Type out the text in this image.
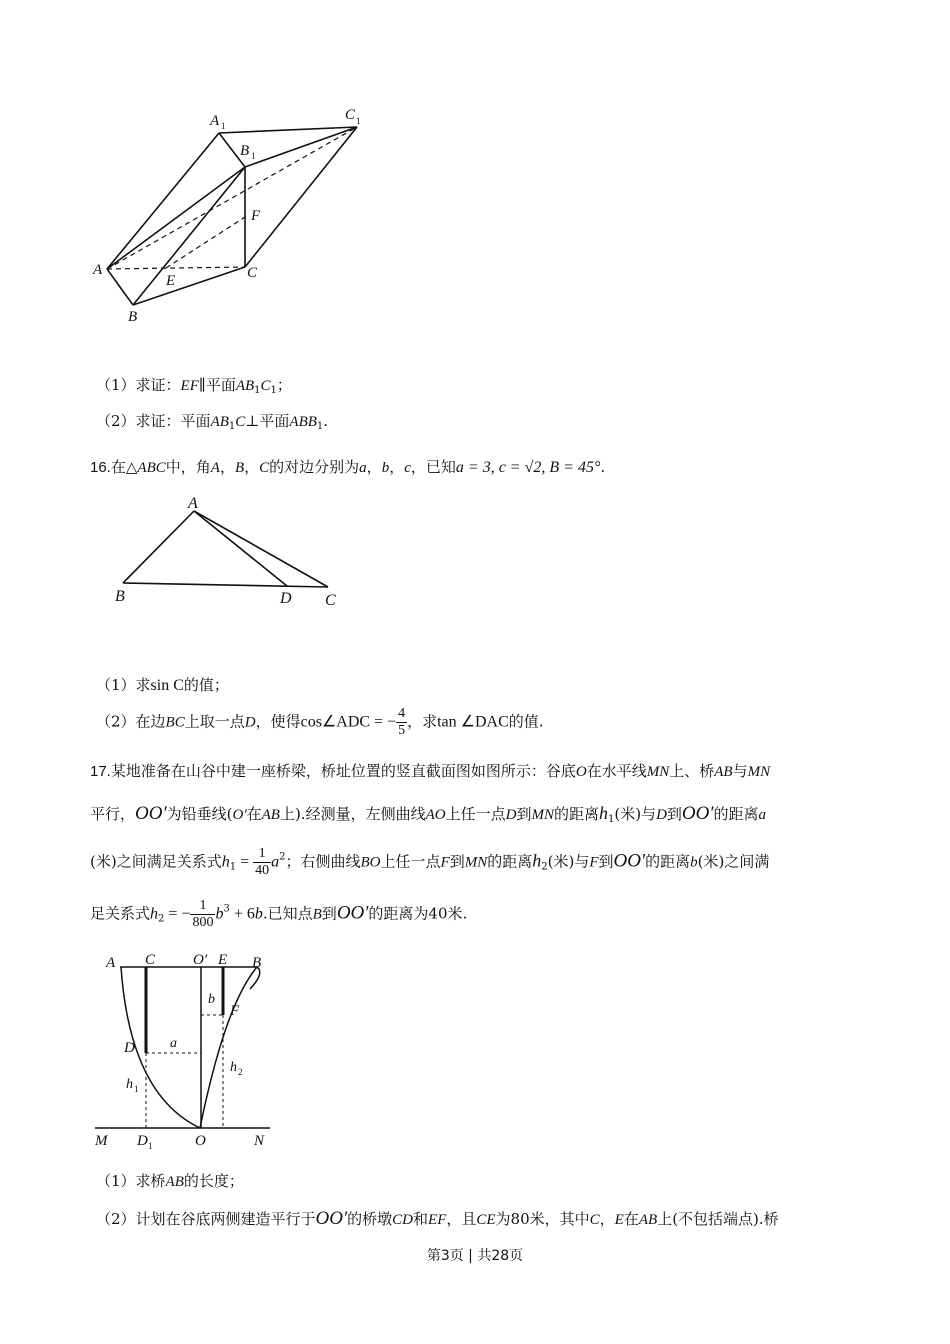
A 1
C 1
B 1
F
A
E	C
B
（1）求证：EF∥平面$AB_1C_1$；
（2）求证：平面$AB_1C\perp$平面$ABB_1$.
16.在△ABC中，角A，B，C的对边分别为a，b，c，已知a = 3, c = √2, B = 45°.
A
B	D C
（1）求sin C的值；
（2）在边BC上取一点D，使得cos∠ADC = − $\frac{4}{5}$ ，求tan ∠DAC的值.
17.某地准备在山谷中建一座桥梁，桥址位置的竖直截面图如图所示：谷底O在水平线MN上、桥AB与MN
平行，OO′为铅垂线(O′在AB上).经测量，左侧曲线AO上任一点D到MN的距离$h_1$(米)与D到OO′的距离a
(米)之间满足关系式$h_1 = \frac{1}{40} a^2$；右侧曲线BO上任一点F到MN的距离$h_2$(米)与F到OO′的距离b(米)之间满
足关系式$h_2$ = − $\frac{1}{800} b^3 + 6b$.已知点B到OO′的距离为40米.
A C	O′ E B
b
F
D	a
h 2
h 1
M D 1	O	N
（1）求桥AB的长度；
（2）计划在谷底两侧建造平行于OO′的桥墩CD和EF，且CE为80米，其中C，E在AB上(不包括端点).桥
第3页 | 共28页
